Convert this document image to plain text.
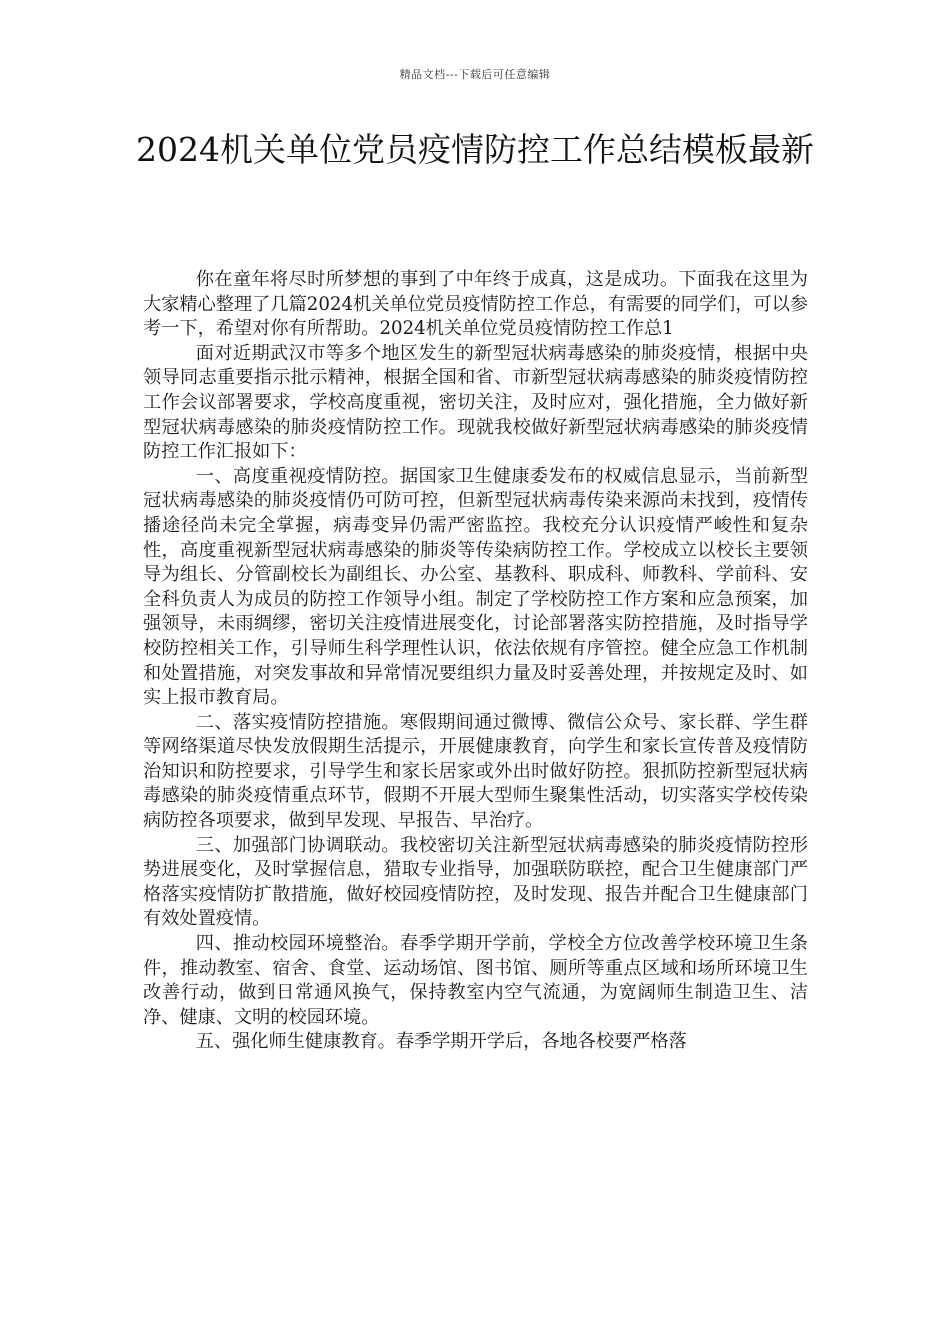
精品文档---下载后可任意编辑
2024机关单位党员疫情防控工作总结模板最新

你在童年将尽时所梦想的事到了中年终于成真，这是成功。下面我在这里为大家精心整理了几篇2024机关单位党员疫情防控工作总，有需要的同学们，可以参考一下，希望对你有所帮助。2024机关单位党员疫情防控工作总1

面对近期武汉市等多个地区发生的新型冠状病毒感染的肺炎疫情，根据中央领导同志重要指示批示精神，根据全国和省、市新型冠状病毒感染的肺炎疫情防控工作会议部署要求，学校高度重视，密切关注，及时应对，强化措施，全力做好新型冠状病毒感染的肺炎疫情防控工作。现就我校做好新型冠状病毒感染的肺炎疫情防控工作汇报如下：

一、高度重视疫情防控。据国家卫生健康委发布的权威信息显示，当前新型冠状病毒感染的肺炎疫情仍可防可控，但新型冠状病毒传染来源尚未找到，疫情传播途径尚未完全掌握，病毒变异仍需严密监控。我校充分认识疫情严峻性和复杂性，高度重视新型冠状病毒感染的肺炎等传染病防控工作。学校成立以校长主要领导为组长、分管副校长为副组长、办公室、基教科、职成科、师教科、学前科、安全科负责人为成员的防控工作领导小组。制定了学校防控工作方案和应急预案，加强领导，未雨绸缪，密切关注疫情进展变化，讨论部署落实防控措施，及时指导学校防控相关工作，引导师生科学理性认识，依法依规有序管控。健全应急工作机制和处置措施，对突发事故和异常情况要组织力量及时妥善处理，并按规定及时、如实上报市教育局。

二、落实疫情防控措施。寒假期间通过微博、微信公众号、家长群、学生群等网络渠道尽快发放假期生活提示，开展健康教育，向学生和家长宣传普及疫情防治知识和防控要求，引导学生和家长居家或外出时做好防控。狠抓防控新型冠状病毒感染的肺炎疫情重点环节，假期不开展大型师生聚集性活动，切实落实学校传染病防控各项要求，做到早发现、早报告、早治疗。

三、加强部门协调联动。我校密切关注新型冠状病毒感染的肺炎疫情防控形势进展变化，及时掌握信息，猎取专业指导，加强联防联控，配合卫生健康部门严格落实疫情防扩散措施，做好校园疫情防控，及时发现、报告并配合卫生健康部门有效处置疫情。

四、推动校园环境整治。春季学期开学前，学校全方位改善学校环境卫生条件，推动教室、宿舍、食堂、运动场馆、图书馆、厕所等重点区域和场所环境卫生改善行动，做到日常通风换气，保持教室内空气流通，为宽阔师生制造卫生、洁净、健康、文明的校园环境。

五、强化师生健康教育。春季学期开学后，各地各校要严格落
